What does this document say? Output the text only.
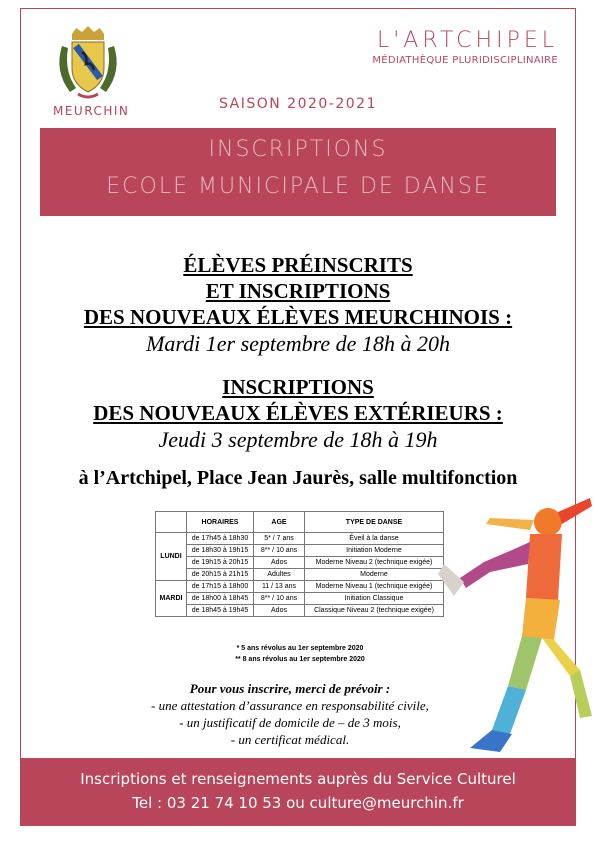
MEURCHIN
L'ARTCHIPEL
MÉDIATHÈQUE PLURIDISCIPLINAIRE
SAISON 2020-2021
INSCRIPTIONS
ECOLE MUNICIPALE DE DANSE
ÉLÈVES PRÉINSCRITS
ET INSCRIPTIONS
DES NOUVEAUX ÉLÈVES MEURCHINOIS :
Mardi 1er septembre de 18h à 20h
INSCRIPTIONS
DES NOUVEAUX ÉLÈVES EXTÉRIEURS :
Jeudi 3 septembre de 18h à 19h
à l’Artchipel, Place Jean Jaurès, salle multifonction
	HORAIRES	AGE	TYPE DE DANSE
LUNDI	de 17h45 à 18h30	5* / 7 ans	Éveil à la danse
	de 18h30 à 19h15	8** / 10 ans	Initiation Moderne
	de 19h15 à 20h15	Ados	Moderne Niveau 2 (technique exigée)
	de 20h15 à 21h15	Adultes	Moderne
MARDI	de 17h15 à 18h00	11 / 13 ans	Moderne Niveau 1 (technique exigée)
	de 18h00 à 18h45	8** / 10 ans	Initiation Classique
	de 18h45 à 19h45	Ados	Classique Niveau 2 (technique exigée)
* 5 ans révolus au 1er septembre 2020
** 8 ans révolus au 1er septembre 2020
Pour vous inscrire, merci de prévoir :
- une attestation d’assurance en responsabilité civile,
- un justificatif de domicile de – de 3 mois,
- un certificat médical.
Inscriptions et renseignements auprès du Service Culturel
Tel : 03 21 74 10 53 ou culture@meurchin.fr
